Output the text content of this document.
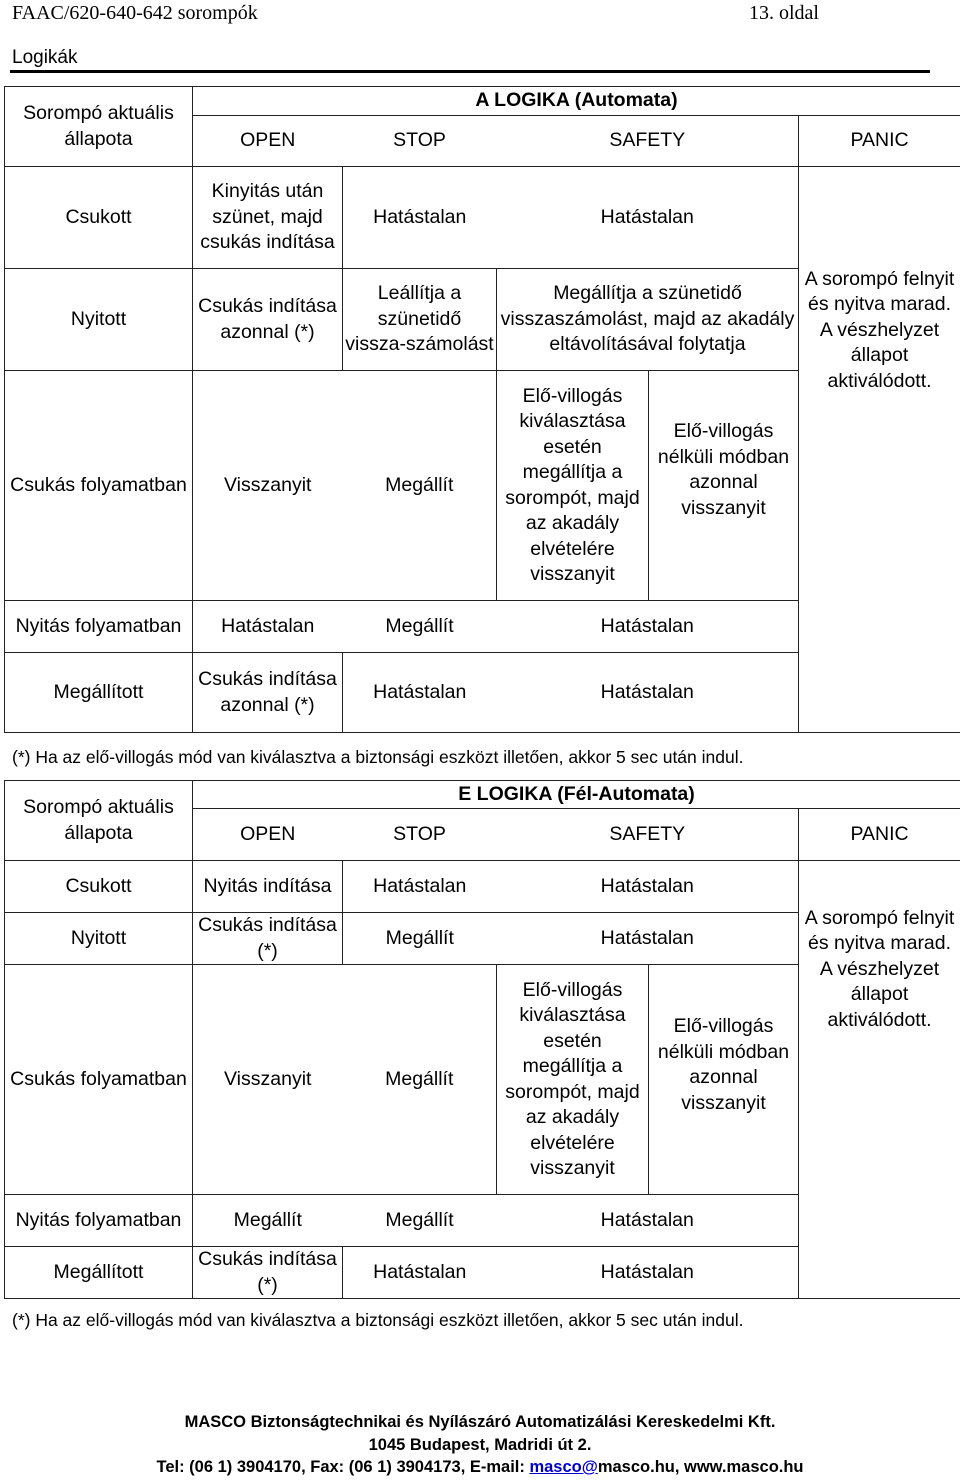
FAAC/620-640-642 sorompók	13. oldal
Logikák
Sorompó aktuális állapota	A LOGIKA (Automata)				
	OPEN	STOP	SAFETY		PANIC
Csukott	Kinyitás után szünet, majd csukás indítása	Hatástalan	Hatástalan		
Nyitott	Csukás indítása azonnal (*)	Leállítja a szünetidő vissza-számolást	Megállítja a szünetidő visszaszámolást, majd az akadály eltávolításával folytatja		A sorompó felnyit és nyitva marad. A vészhelyzet állapot aktiválódott.

Csukás folyamatban	Visszanyit	Megállít	Elő-villogás kiválasztása esetén megállítja a sorompót, majd az akadály elvételére visszanyit	Elő-villogás nélküli módban azonnal visszanyit	
Nyitás folyamatban	Hatástalan	Megállít	Hatástalan		
Megállított	Csukás indítása azonnal (*)	Hatástalan	Hatástalan		
(*) Ha az elő-villogás mód van kiválasztva a biztonsági eszközt illetően, akkor 5 sec után indul.
Sorompó aktuális állapota	E LOGIKA (Fél-Automata)				
	OPEN	STOP	SAFETY		PANIC
Csukott	Nyitás indítása	Hatástalan	Hatástalan		
Nyitott	Csukás indítása (*)	Megállít	Hatástalan		A sorompó felnyit és nyitva marad. A vészhelyzet állapot aktiválódott.

Csukás folyamatban	Visszanyit	Megállít	Elő-villogás kiválasztása esetén megállítja a sorompót, majd az akadály elvételére visszanyit	Elő-villogás nélküli módban azonnal visszanyit	
Nyitás folyamatban	Megállít	Megállít	Hatástalan		
Megállított	Csukás indítása (*)	Hatástalan	Hatástalan		
(*) Ha az elő-villogás mód van kiválasztva a biztonsági eszközt illetően, akkor 5 sec után indul.
MASCO Biztonságtechnikai és Nyílászáró Automatizálási Kereskedelmi Kft.
1045 Budapest, Madridi út 2.
Tel: (06 1) 3904170, Fax: (06 1) 3904173, E-mail: masco@masco.hu, www.masco.hu
